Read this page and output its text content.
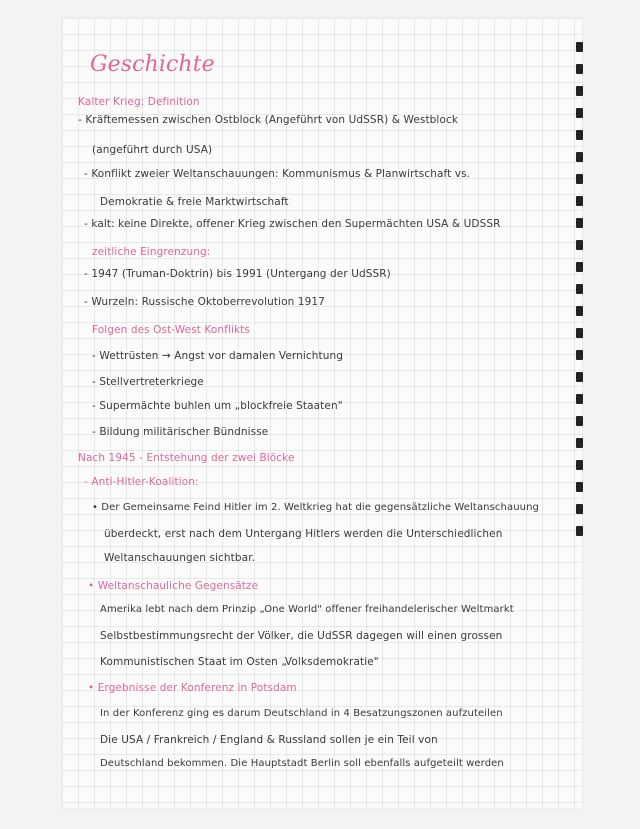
Geschichte
Kalter Krieg: Definition
- Kräftemessen zwischen Ostblock (Angeführt von UdSSR) & Westblock
(angeführt durch USA)
- Konflikt zweier Weltanschauungen: Kommunismus & Planwirtschaft vs.
Demokratie & freie Marktwirtschaft
- kalt: keine Direkte, offener Krieg zwischen den Supermächten USA & UDSSR
zeitliche Eingrenzung:
- 1947 (Truman-Doktrin) bis 1991 (Untergang der UdSSR)
- Wurzeln: Russische Oktoberrevolution 1917
Folgen des Ost-West Konflikts
- Wettrüsten → Angst vor damalen Vernichtung
- Stellvertreterkriege
- Supermächte buhlen um „blockfreie Staaten"
- Bildung militärischer Bündnisse
Nach 1945 - Entstehung der zwei Blöcke
- Anti-Hitler-Koalition:
• Der Gemeinsame Feind Hitler im 2. Weltkrieg hat die gegensätzliche Weltanschauung
überdeckt, erst nach dem Untergang Hitlers werden die Unterschiedlichen
Weltanschauungen sichtbar.
• Weltanschauliche Gegensätze
Amerika lebt nach dem Prinzip „One World" offener freihandelerischer Weltmarkt
Selbstbestimmungsrecht der Völker, die UdSSR dagegen will einen grossen
Kommunistischen Staat im Osten „Volksdemokratie"
• Ergebnisse der Konferenz in Potsdam
In der Konferenz ging es darum Deutschland in 4 Besatzungszonen aufzuteilen
Die USA / Frankreich / England & Russland sollen je ein Teil von
Deutschland bekommen. Die Hauptstadt Berlin soll ebenfalls aufgeteilt werden
